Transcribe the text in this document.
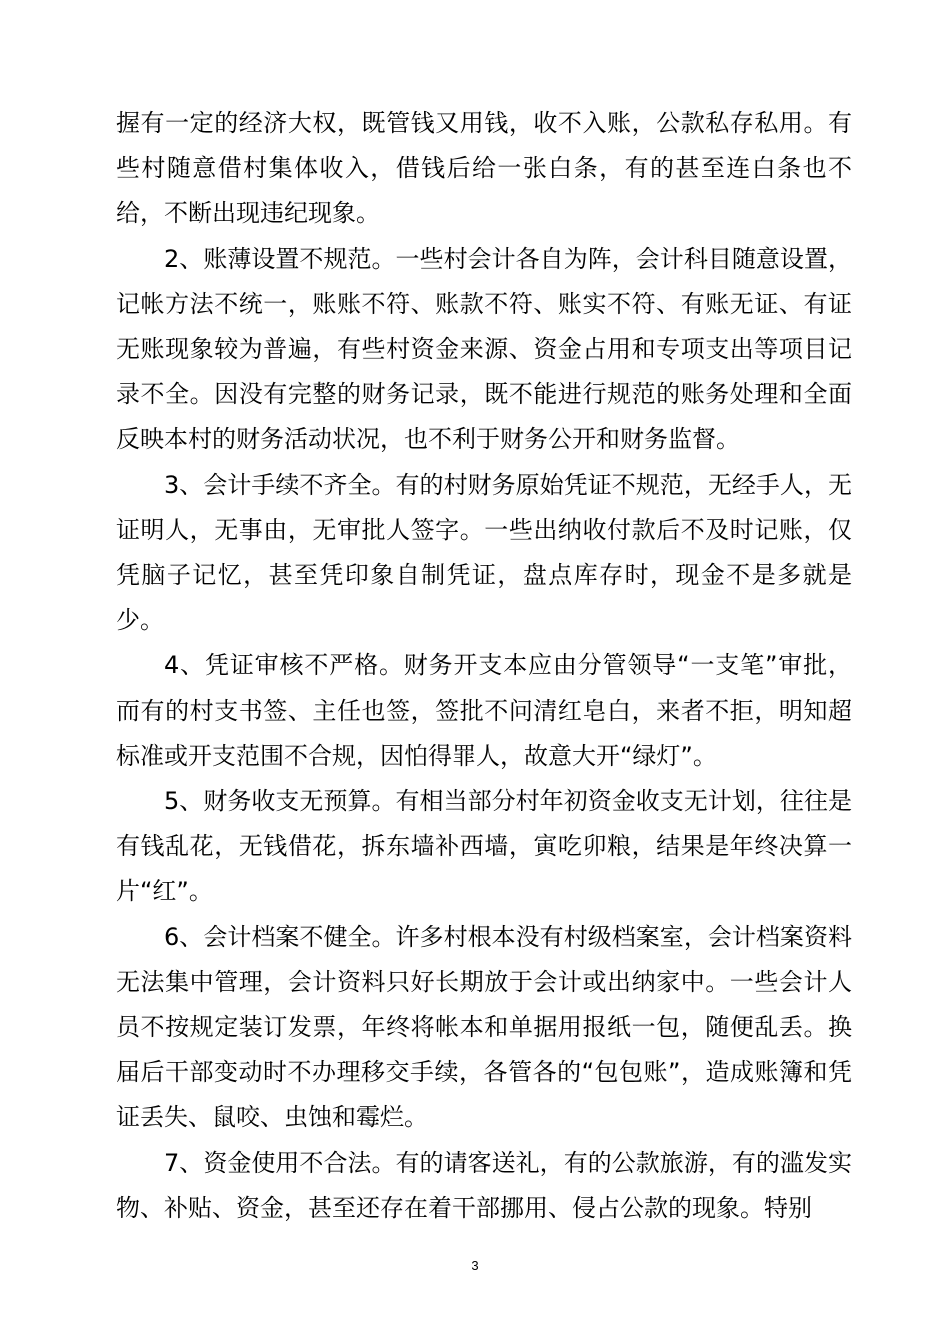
握有一定的经济大权，既管钱又用钱，收不入账，公款私存私用。有些村随意借村集体收入，借钱后给一张白条，有的甚至连白条也不给，不断出现违纪现象。

2、账薄设置不规范。一些村会计各自为阵，会计科目随意设置，记帐方法不统一，账账不符、账款不符、账实不符、有账无证、有证无账现象较为普遍，有些村资金来源、资金占用和专项支出等项目记录不全。因没有完整的财务记录，既不能进行规范的账务处理和全面反映本村的财务活动状况，也不利于财务公开和财务监督。

3、会计手续不齐全。有的村财务原始凭证不规范，无经手人，无证明人，无事由，无审批人签字。一些出纳收付款后不及时记账，仅凭脑子记忆，甚至凭印象自制凭证，盘点库存时，现金不是多就是少。

4、凭证审核不严格。财务开支本应由分管领导“一支笔”审批，而有的村支书签、主任也签，签批不问清红皂白，来者不拒，明知超标准或开支范围不合规，因怕得罪人，故意大开“绿灯”。

5、财务收支无预算。有相当部分村年初资金收支无计划，往往是有钱乱花，无钱借花，拆东墙补西墙，寅吃卯粮，结果是年终决算一片“红”。

6、会计档案不健全。许多村根本没有村级档案室，会计档案资料无法集中管理，会计资料只好长期放于会计或出纳家中。一些会计人员不按规定装订发票，年终将帐本和单据用报纸一包，随便乱丢。换届后干部变动时不办理移交手续，各管各的“包包账”，造成账簿和凭证丢失、鼠咬、虫蚀和霉烂。

7、资金使用不合法。有的请客送礼，有的公款旅游，有的滥发实物、补贴、资金，甚至还存在着干部挪用、侵占公款的现象。特别

3
